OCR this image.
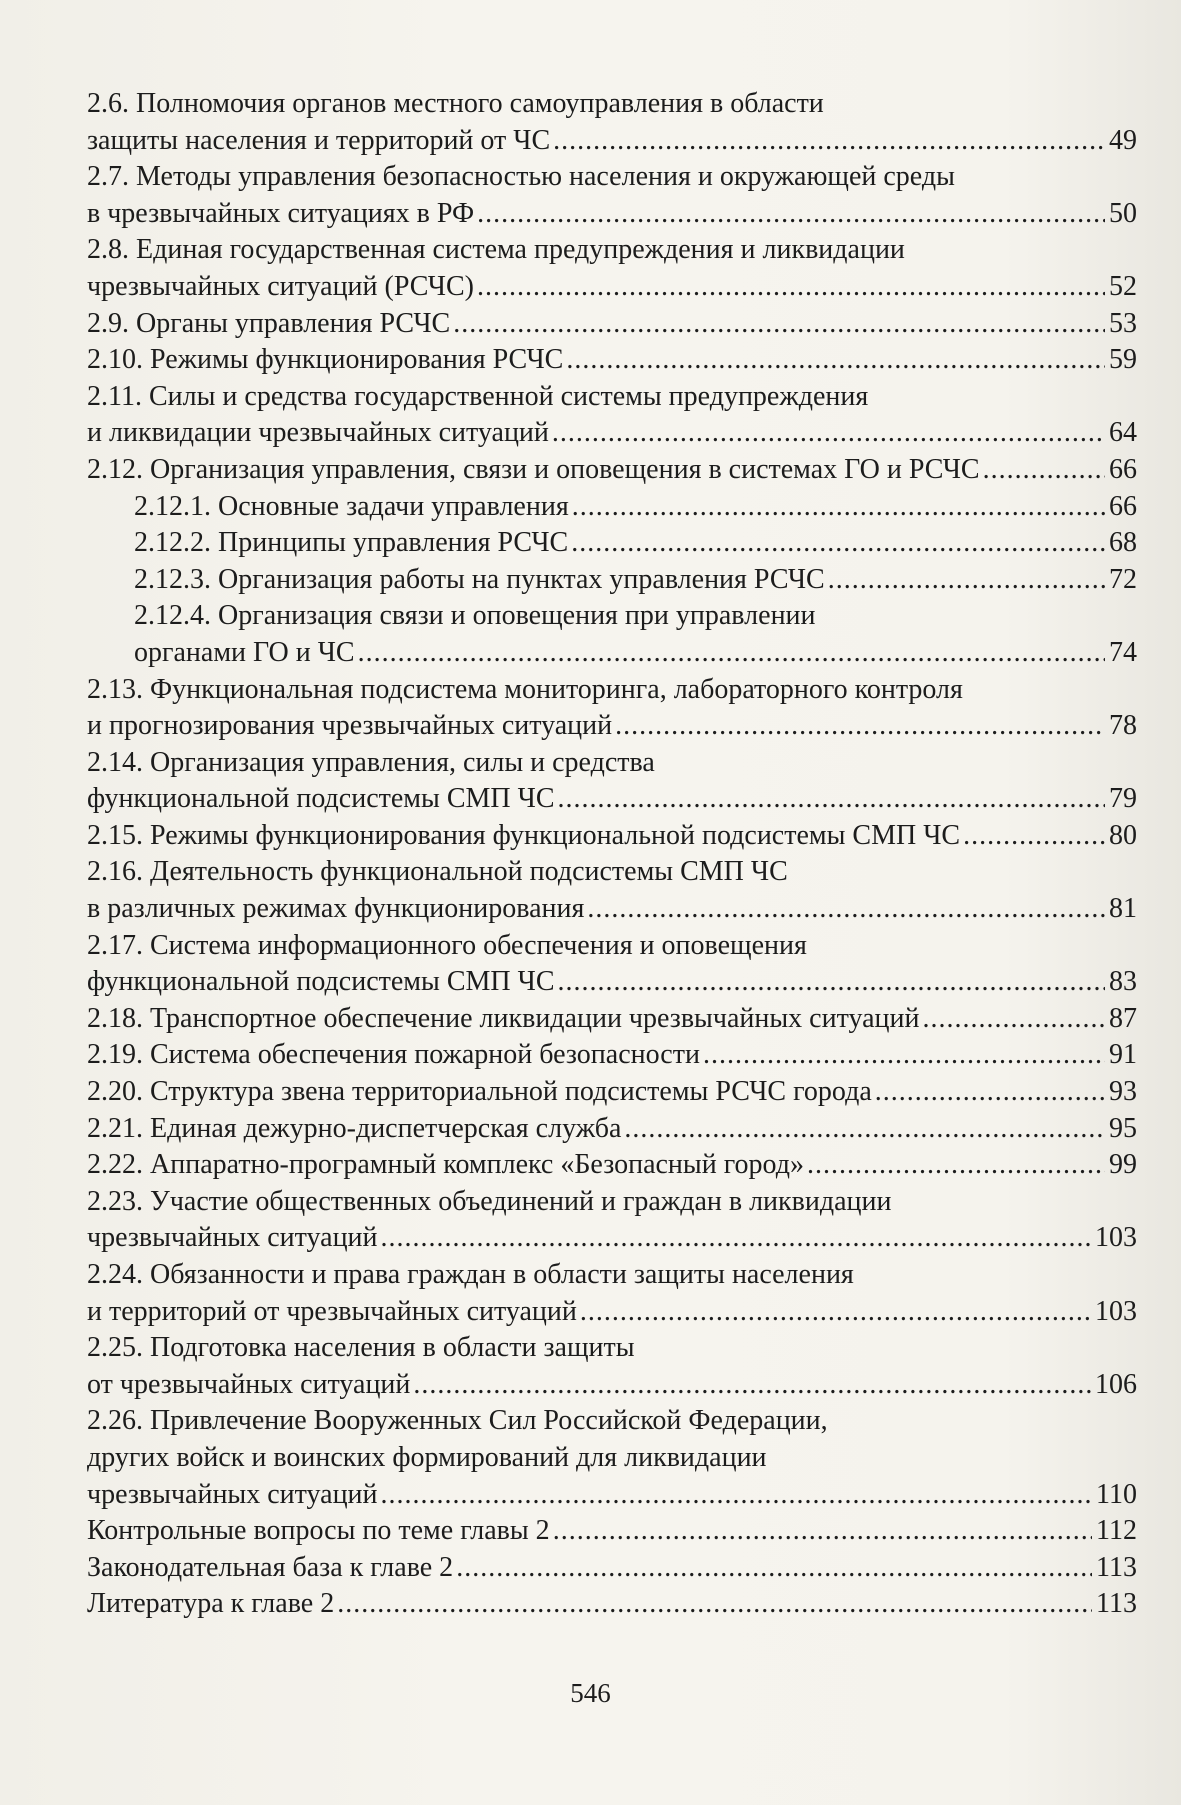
2.6. Полномочия органов местного самоуправления в области
защиты населения и территорий от ЧС .....	49
2.7. Методы управления безопасностью населения и окружающей среды
в чрезвычайных ситуациях в РФ .....	50
2.8. Единая государственная система предупреждения и ликвидации
чрезвычайных ситуаций (РСЧС) .....	52
2.9. Органы управления РСЧС .....	53
2.10. Режимы функционирования РСЧС .....	59
2.11. Силы и средства государственной системы предупреждения
и ликвидации чрезвычайных ситуаций .....	64
2.12. Организация управления, связи и оповещения в системах ГО и РСЧС .....	66
2.12.1. Основные задачи управления .....	66
2.12.2. Принципы управления РСЧС .....	68
2.12.3. Организация работы на пунктах управления РСЧС .....	72
2.12.4. Организация связи и оповещения при управлении
органами ГО и ЧС .....	74
2.13. Функциональная подсистема мониторинга, лабораторного контроля
и прогнозирования чрезвычайных ситуаций .....	78
2.14. Организация управления, силы и средства
функциональной подсистемы СМП ЧС .....	79
2.15. Режимы функционирования функциональной подсистемы СМП ЧС .....	80
2.16. Деятельность функциональной подсистемы СМП ЧС
в различных режимах функционирования .....	81
2.17. Система информационного обеспечения и оповещения
функциональной подсистемы СМП ЧС .....	83
2.18. Транспортное обеспечение ликвидации чрезвычайных ситуаций .....	87
2.19. Система обеспечения пожарной безопасности .....	91
2.20. Структура звена территориальной подсистемы РСЧС города .....	93
2.21. Единая дежурно-диспетчерская служба .....	95
2.22. Аппаратно-програмный комплекс «Безопасный город» .....	99
2.23. Участие общественных объединений и граждан в ликвидации
чрезвычайных ситуаций .....	103
2.24. Обязанности и права граждан в области защиты населения
и территорий от чрезвычайных ситуаций .....	103
2.25. Подготовка населения в области защиты
от чрезвычайных ситуаций .....	106
2.26. Привлечение Вооруженных Сил Российской Федерации,
других войск и воинских формирований для ликвидации
чрезвычайных ситуаций .....	110
Контрольные вопросы по теме главы 2 .....	112
Законодательная база к главе 2 .....	113
Литература к главе 2 .....	113
546
